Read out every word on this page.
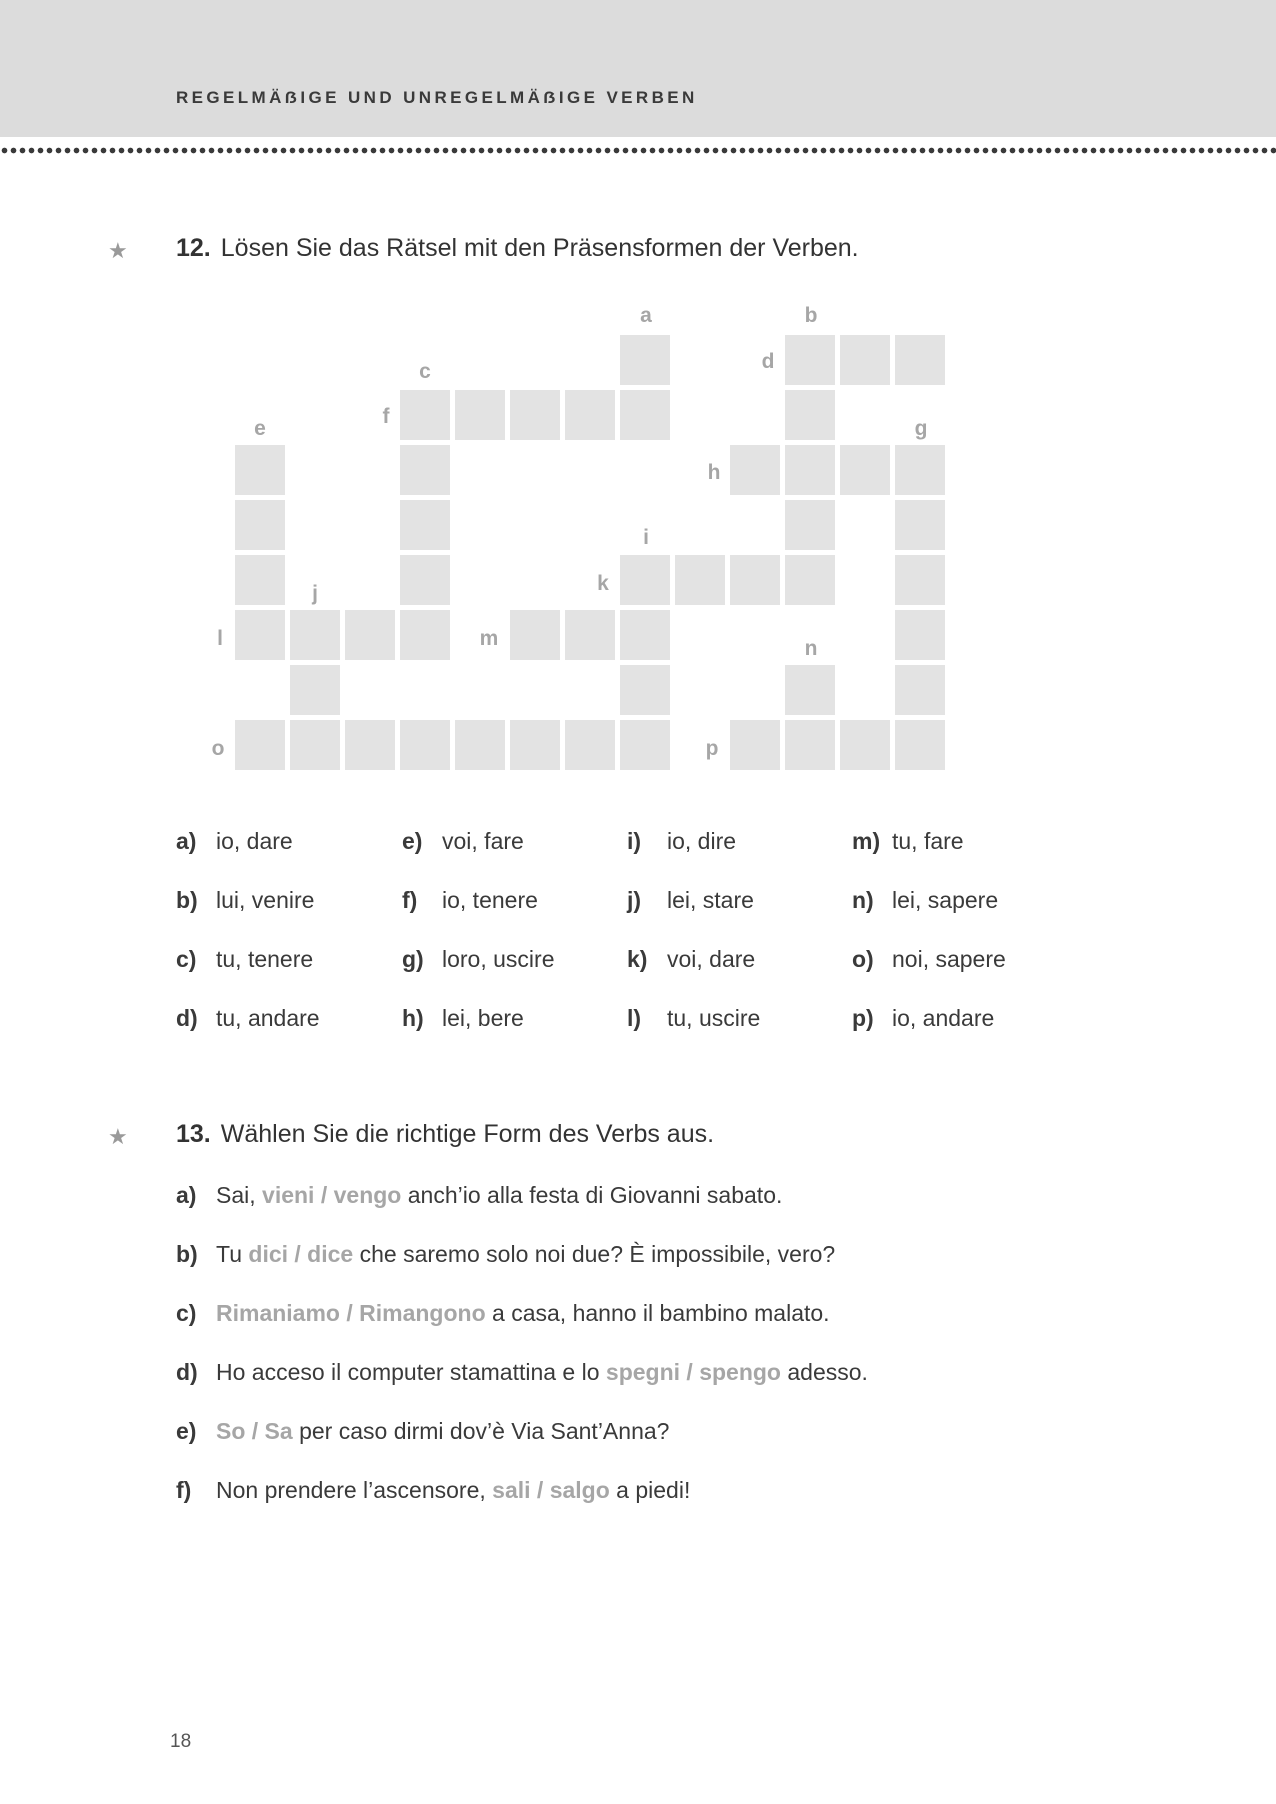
REGELMÄẞIGE UND UNREGELMÄẞIGE VERBEN
★ 12. Lösen Sie das Rätsel mit den Präsensformen der Verben.
a	b
c	d
e
f
g
h
i
j	k
l	m	n
o	p
a) io, dare
b) lui, venire
c) tu, tenere
d) tu, andare
e) voi, fare
f) io, tenere
g) loro, uscire
h) lei, bere
i) io, dire
j) lei, stare
k) voi, dare
l) tu, uscire
m) tu, fare
n) lei, sapere
o) noi, sapere
p) io, andare
★ 13. Wählen Sie die richtige Form des Verbs aus.
a) Sai, vieni / vengo anch’io alla festa di Giovanni sabato.
b) Tu dici / dice che saremo solo noi due? È impossibile, vero?
c) Rimaniamo / Rimangono a casa, hanno il bambino malato.
d) Ho acceso il computer stamattina e lo spegni / spengo adesso.
e) So / Sa per caso dirmi dov’è Via Sant’Anna?
f) Non prendere l’ascensore, sali / salgo a piedi!
18
